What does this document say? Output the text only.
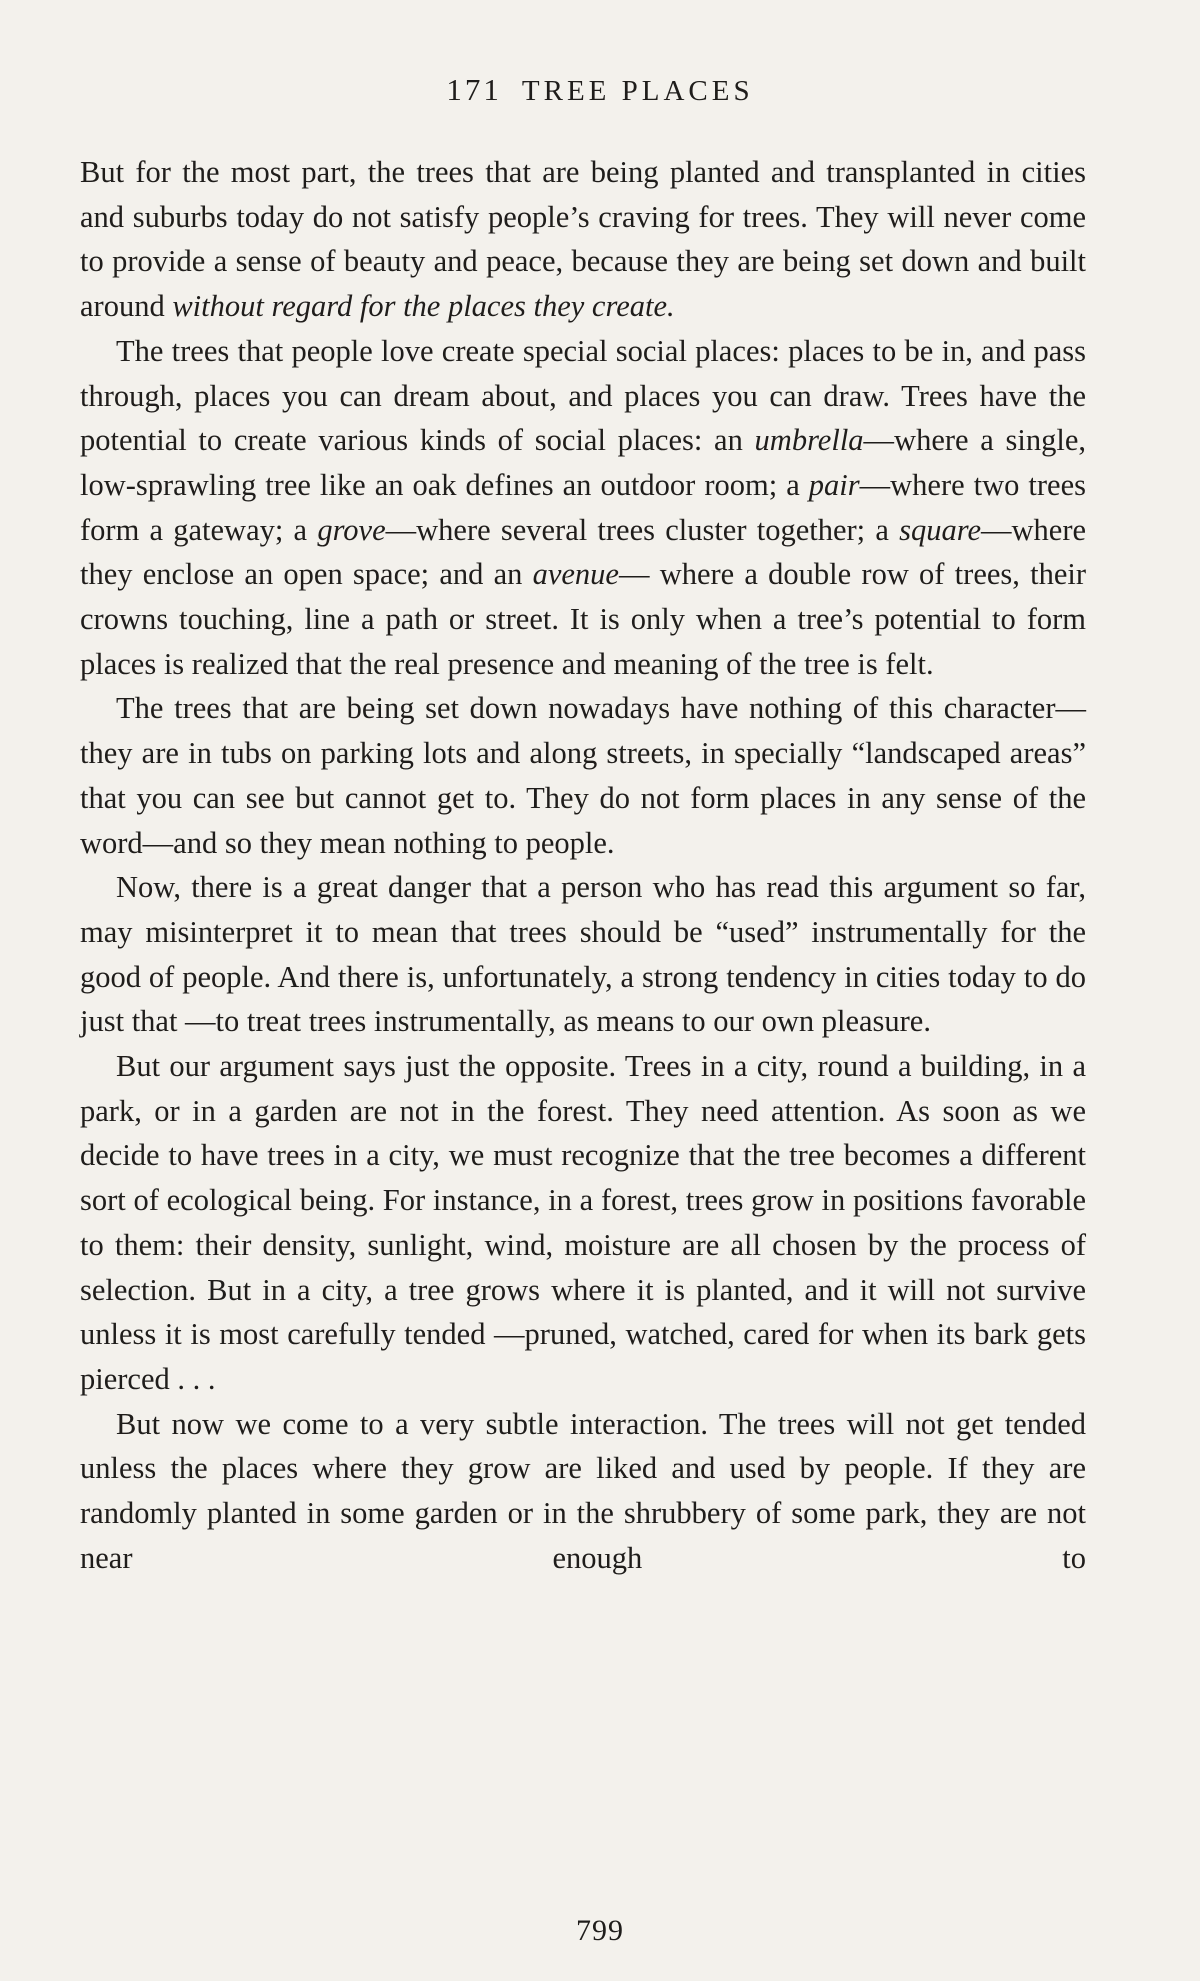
171 TREE PLACES

But for the most part, the trees that are being planted and transplanted in cities and suburbs today do not satisfy people’s craving for trees. They will never come to provide a sense of beauty and peace, because they are being set down and built around without regard for the places they create.

The trees that people love create special social places: places to be in, and pass through, places you can dream about, and places you can draw. Trees have the potential to create various kinds of social places: an umbrella—where a single, low-sprawling tree like an oak defines an outdoor room; a pair—where two trees form a gateway; a grove—where several trees cluster together; a square—where they enclose an open space; and an avenue— where a double row of trees, their crowns touching, line a path or street. It is only when a tree’s potential to form places is realized that the real presence and meaning of the tree is felt.

The trees that are being set down nowadays have nothing of this character—they are in tubs on parking lots and along streets, in specially “landscaped areas” that you can see but cannot get to. They do not form places in any sense of the word—and so they mean nothing to people.

Now, there is a great danger that a person who has read this argument so far, may misinterpret it to mean that trees should be “used” instrumentally for the good of people. And there is, unfortunately, a strong tendency in cities today to do just that —to treat trees instrumentally, as means to our own pleasure.

But our argument says just the opposite. Trees in a city, round a building, in a park, or in a garden are not in the forest. They need attention. As soon as we decide to have trees in a city, we must recognize that the tree becomes a different sort of ecological being. For instance, in a forest, trees grow in positions favorable to them: their density, sunlight, wind, moisture are all chosen by the process of selection. But in a city, a tree grows where it is planted, and it will not survive unless it is most carefully tended —pruned, watched, cared for when its bark gets pierced . . .

But now we come to a very subtle interaction. The trees will not get tended unless the places where they grow are liked and used by people. If they are randomly planted in some garden or in the shrubbery of some park, they are not near enough to

799
